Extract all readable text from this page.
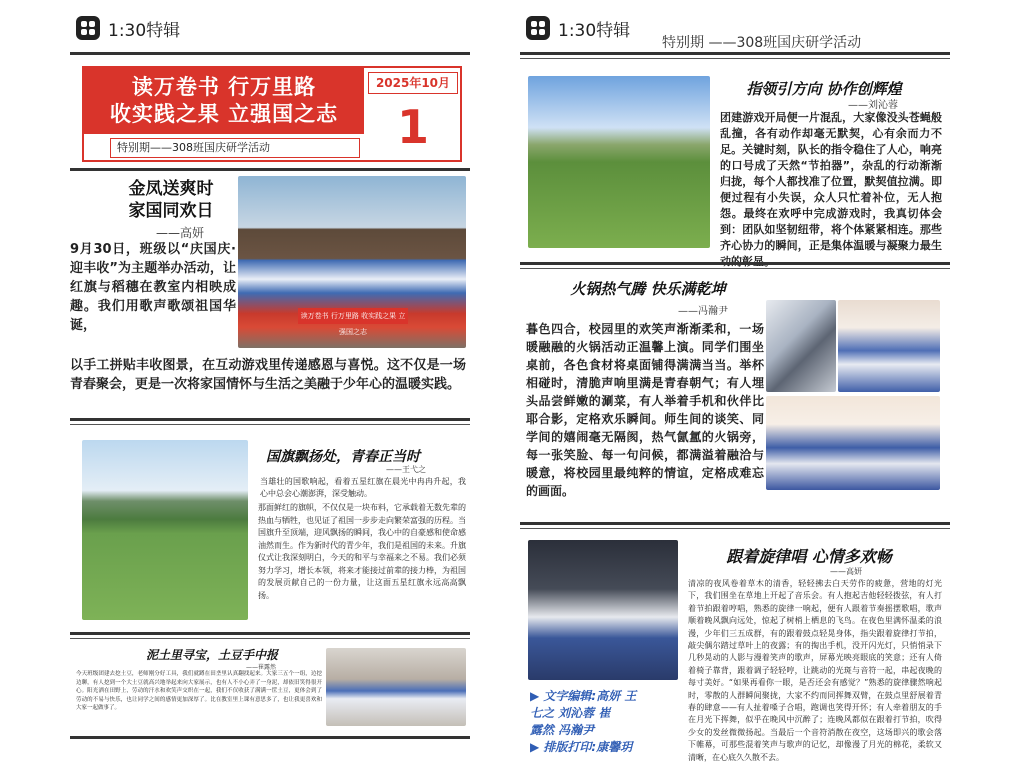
1:30特辑
读万卷书 行万里路
收实践之果 立强国之志
特别期——308班国庆研学活动
2025年10月
1
金凤送爽时
家国同欢日
——高妍
9月30日，班级以“庆国庆·迎丰收”为主题举办活动，让红旗与稻穗在教室内相映成趣。我们用歌声歌颂祖国华诞，
读万卷书 行万里路 收实践之果 立强国之志
以手工拼贴丰收图景，在互动游戏里传递感恩与喜悦。这不仅是一场青春聚会，更是一次将家国情怀与生活之美融于少年心的温暖实践。
国旗飘扬处，青春正当时
——王弋之
当雄壮的国歌响起，看着五星红旗在晨光中冉冉升起，我心中总会心潮澎湃，深受触动。
那面鲜红的旗帜，不仅仅是一块布料，它承载着无数先辈的热血与牺牲，也见证了祖国一步步走向繁荣富强的历程。当国旗升至顶端，迎风飘扬的瞬间，我心中的自豪感和使命感油然而生。作为新时代的青少年，我们是祖国的未来。升旗仪式让我深刻明白，今天的和平与幸福来之不易。我们必须努力学习，增长本领，将来才能接过前辈的接力棒，为祖国的发展贡献自己的一份力量，让这面五星红旗永远高高飘扬。
泥土里寻宝，土豆手中报
——崔露然
今天班级团建去挖土豆，老师刚分好工具，我们就蹲在田垄里认真翻找起来。大家三五个一组，边挖边聊，有人挖到一个大土豆就高兴地举起来向大家展示，也有人不小心弄了一身泥，却依旧笑得很开心。阳光洒在田野上，劳动的汗水和欢笑声交织在一起，我们不仅收获了满满一筐土豆，更体会到了劳动的不易与快乐，也让同学之间的感情更加深厚了。比在教室里上课有意思多了，也让我更喜欢和大家一起做事了。
1:30特辑
特别期 ——308班国庆研学活动
指领引方向 协作创辉煌
——刘沁蓉
团建游戏开局便一片混乱，大家像没头苍蝇般乱撞，各有动作却毫无默契，心有余而力不足。关键时刻，队长的指令稳住了人心，响亮的口号成了天然“节拍器”，杂乱的行动渐渐归拢，每个人都找准了位置，默契值拉满。即便过程有小失误，众人只忙着补位，无人抱怨。最终在欢呼中完成游戏时，我真切体会到：团队如坚韧纽带，将个体紧紧相连。那些齐心协力的瞬间，正是集体温暖与凝聚力最生
火锅热气腾 快乐满乾坤
——冯瀚尹
暮色四合，校园里的欢笑声渐渐柔和，一场暖融融的火锅活动正温馨上演。同学们围坐桌前，各色食材将桌面铺得满满当当。举杯相碰时，清脆声响里满是青春朝气；有人埋头品尝鲜嫩的涮菜，有人举着手机和伙伴比耶合影，定格欢乐瞬间。师生间的谈笑、同学间的嬉闹毫无隔阂，热气氤氲的火锅旁，每一张笑脸、每一句问候，都满溢着融洽与暖意，将校园里最纯粹的情谊，定格成难忘的画面。
跟着旋律唱 心情多欢畅
——高妍
清凉的夜风卷着草木的清香，轻轻拂去白天劳作的疲惫，营地的灯光下，我们围坐在草地上开起了音乐会。有人抱起吉他轻轻拨弦，有人打着节拍跟着哼唱，熟悉的旋律一响起，便有人跟着节奏摇摆歌唱，歌声顺着晚风飘向远处，惊起了树梢上栖息的飞鸟。在夜色里满怀温柔的浪漫，少年们三五成群，有的跟着鼓点轻晃身体，指尖跟着旋律打节拍，敲尖偶尔踏过草叶上的夜露；有的掏出手机，没开闪光灯，只悄悄录下几秒晃动的人影与漫着笑声的歌声，屏幕光映亮眼底的笑意；还有人倚着椅子靠背，跟着调子轻轻哼，让跳动的光斑与音符一起，串起夜晚的每寸美好。“如果再看你一眼，是否还会有感觉？”熟悉的旋律骤然响起时，零散的人群瞬间聚拢，大家不约而同挥舞双臂，在鼓点里舒展着青春的肆意——有人扯着嗓子合唱，跑调也笑得开怀；有人牵着朋友的手在月光下挥舞，似乎在晚风中沉醉了；连晚风都似在跟着打节拍，吹得少女的发丝微微扬起。当最后一个音符消散在夜空，这场即兴的歌会落下帷幕，可那些混着笑声与歌声的记忆，却像漫了月光的棉花，柔软又清晰，在心底久久散不去。
▶ 文字编辑:高妍 王
七之 刘沁蓉 崔
露然 冯瀚尹
▶ 排版打印:康馨玥
